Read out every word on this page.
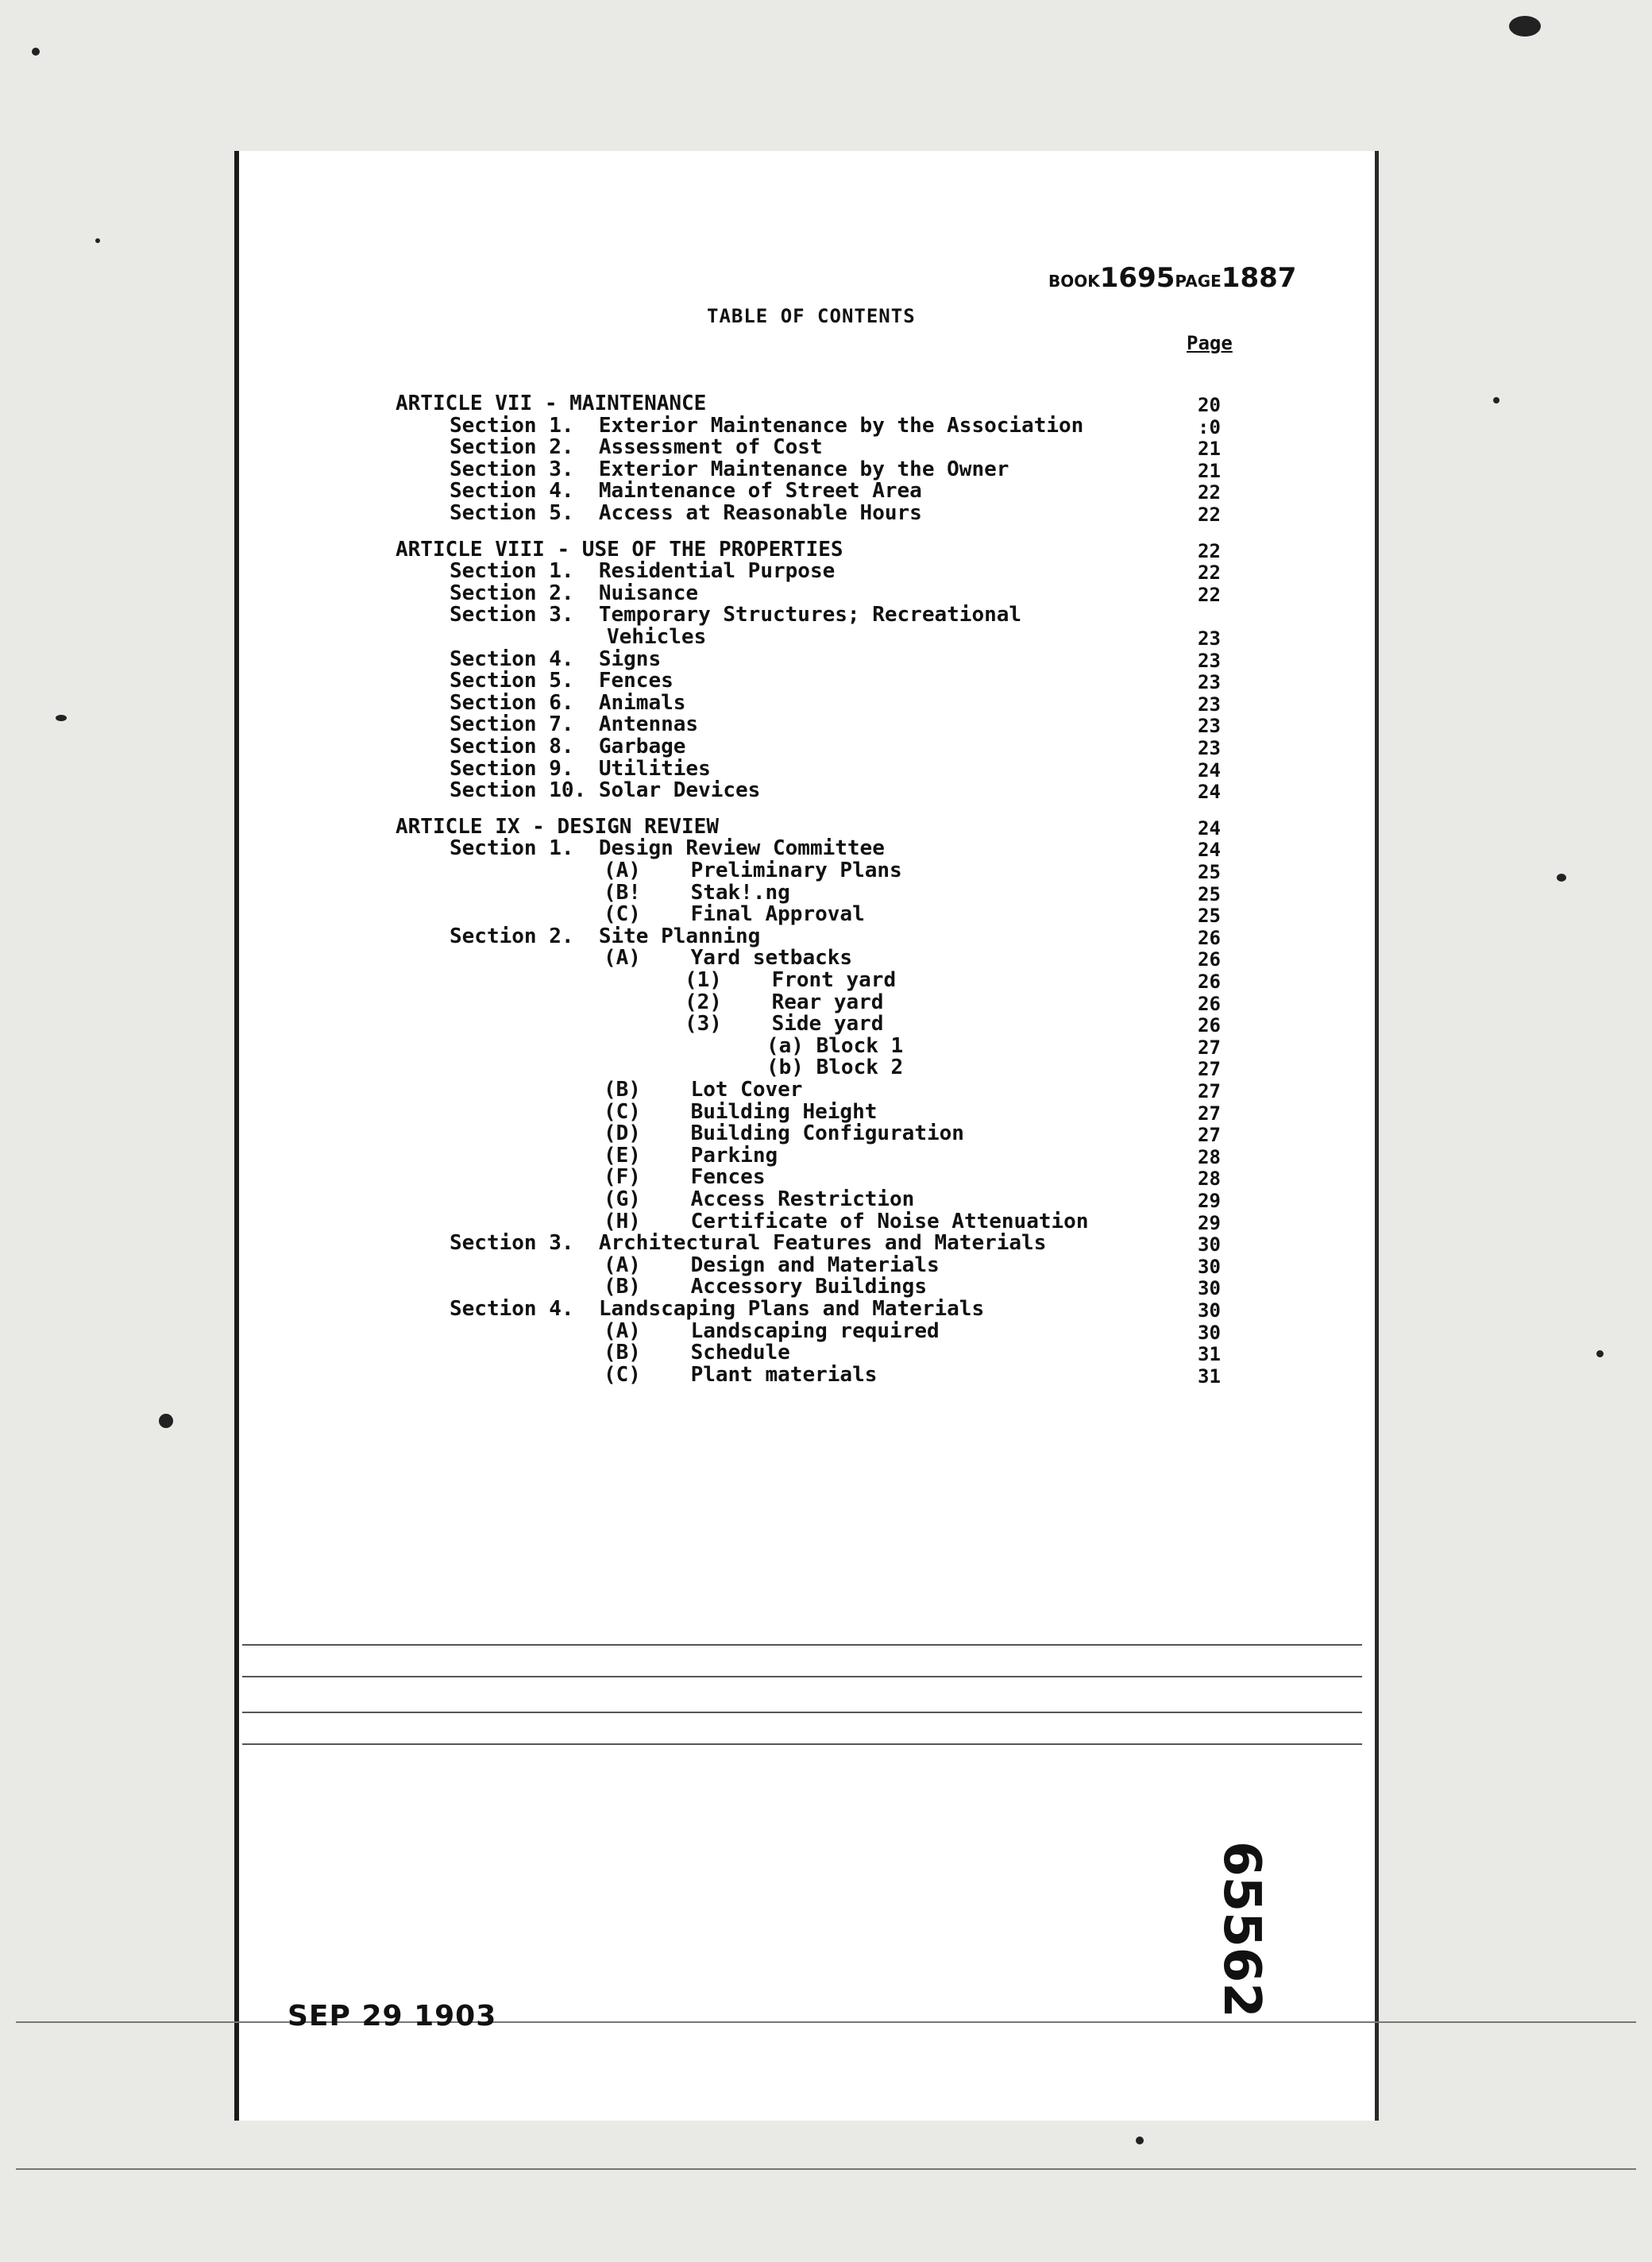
BOOK1695PAGE1887
TABLE OF CONTENTS
Page
ARTICLE VII - MAINTENANCE	20
Section 1.  Exterior Maintenance by the Association	:0
Section 2.  Assessment of Cost	21
Section 3.  Exterior Maintenance by the Owner	21
Section 4.  Maintenance of Street Area	22
Section 5.  Access at Reasonable Hours	22
ARTICLE VIII - USE OF THE PROPERTIES	22
Section 1.  Residential Purpose	22
Section 2.  Nuisance	22
Section 3.  Temporary Structures; Recreational
Vehicles	23
Section 4.  Signs	23
Section 5.  Fences	23
Section 6.  Animals	23
Section 7.  Antennas	23
Section 8.  Garbage	23
Section 9.  Utilities	24
Section 10. Solar Devices	24
ARTICLE IX - DESIGN REVIEW	24
Section 1.  Design Review Committee	24
(A)    Preliminary Plans	25
(B!    Stak!.ng	25
(C)    Final Approval	25
Section 2.  Site Planning	26
(A)    Yard setbacks	26
(1)    Front yard	26
(2)    Rear yard	26
(3)    Side yard	26
(a) Block 1	27
(b) Block 2	27
(B)    Lot Cover	27
(C)    Building Height	27
(D)    Building Configuration	27
(E)    Parking	28
(F)    Fences	28
(G)    Access Restriction	29
(H)    Certificate of Noise Attenuation	29
Section 3.  Architectural Features and Materials	30
(A)    Design and Materials	30
(B)    Accessory Buildings	30
Section 4.  Landscaping Plans and Materials	30
(A)    Landscaping required	30
(B)    Schedule	31
(C)    Plant materials	31
SEP 29 1903	65562
